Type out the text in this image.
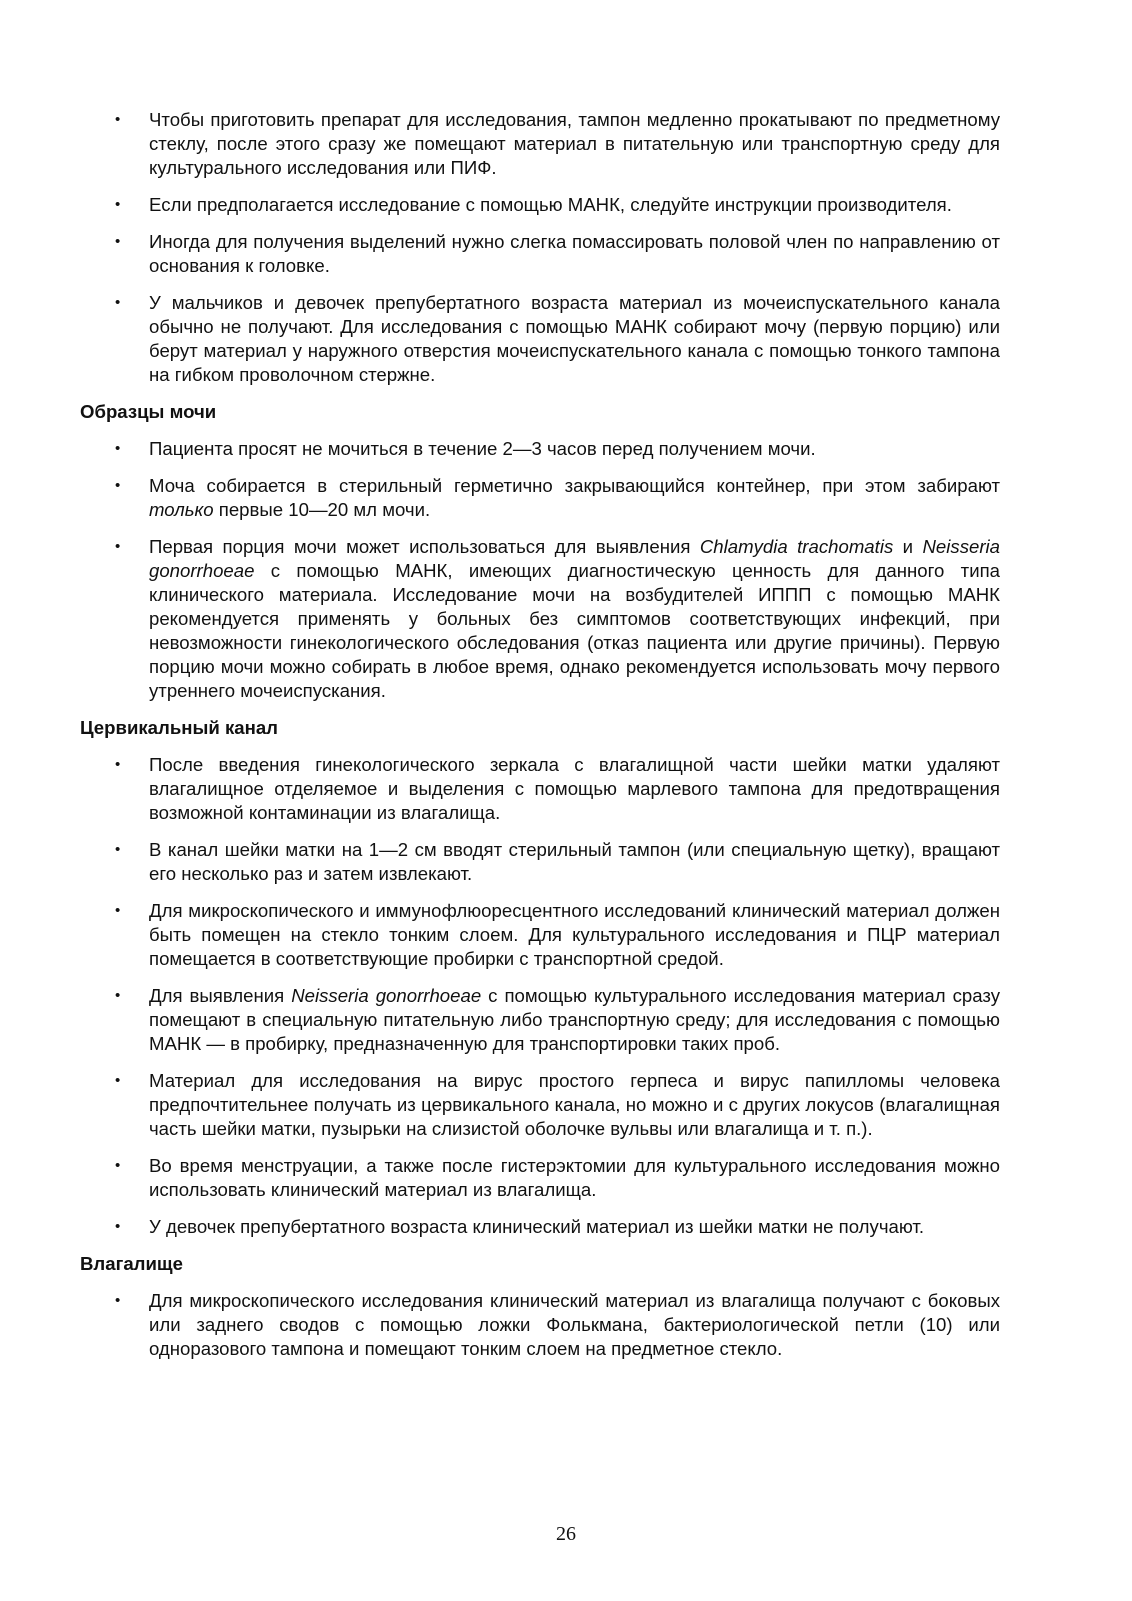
• Чтобы приготовить препарат для исследования, тампон медленно прокатывают по предметному стеклу, после этого сразу же помещают материал в питательную или транспортную среду для культурального исследования или ПИФ.
• Если предполагается исследование с помощью МАНК, следуйте инструкции производителя.
• Иногда для получения выделений нужно слегка помассировать половой член по направлению от основания к головке.
• У мальчиков и девочек препубертатного возраста материал из мочеиспускательного канала обычно не получают. Для исследования с помощью МАНК собирают мочу (первую порцию) или берут материал у наружного отверстия мочеиспускательного канала с помощью тонкого тампона на гибком проволочном стержне.
Образцы мочи
• Пациента просят не мочиться в течение 2—3 часов перед получением мочи.
• Моча собирается в стерильный герметично закрывающийся контейнер, при этом забирают только первые 10—20 мл мочи.
• Первая порция мочи может использоваться для выявления Chlamydia trachomatis и Neisseria gonorrhoeae с помощью МАНК, имеющих диагностическую ценность для данного типа клинического материала. Исследование мочи на возбудителей ИППП с помощью МАНК рекомендуется применять у больных без симптомов соответствующих инфекций, при невозможности гинекологического обследования (отказ пациента или другие причины). Первую порцию мочи можно собирать в любое время, однако рекомендуется использовать мочу первого утреннего мочеиспускания.
Цервикальный канал
• После введения гинекологического зеркала с влагалищной части шейки матки удаляют влагалищное отделяемое и выделения с помощью марлевого тампона для предотвращения возможной контаминации из влагалища.
• В канал шейки матки на 1—2 см вводят стерильный тампон (или специальную щетку), вращают его несколько раз и затем извлекают.
• Для микроскопического и иммунофлюоресцентного исследований клинический материал должен быть помещен на стекло тонким слоем. Для культурального исследования и ПЦР материал помещается в соответствующие пробирки с транспортной средой.
• Для выявления Neisseria gonorrhoeae с помощью культурального исследования материал сразу помещают в специальную питательную либо транспортную среду; для исследования с помощью МАНК — в пробирку, предназначенную для транспортировки таких проб.
• Материал для исследования на вирус простого герпеса и вирус папилломы человека предпочтительнее получать из цервикального канала, но можно и с других локусов (влагалищная часть шейки матки, пузырьки на слизистой оболочке вульвы или влагалища и т. п.).
• Во время менструации, а также после гистерэктомии для культурального исследования можно использовать клинический материал из влагалища.
• У девочек препубертатного возраста клинический материал из шейки матки не получают.
Влагалище
• Для микроскопического исследования клинический материал из влагалища получают с боковых или заднего сводов с помощью ложки Фолькмана, бактериологической петли (10) или одноразового тампона и помещают тонким слоем на предметное стекло.
26
